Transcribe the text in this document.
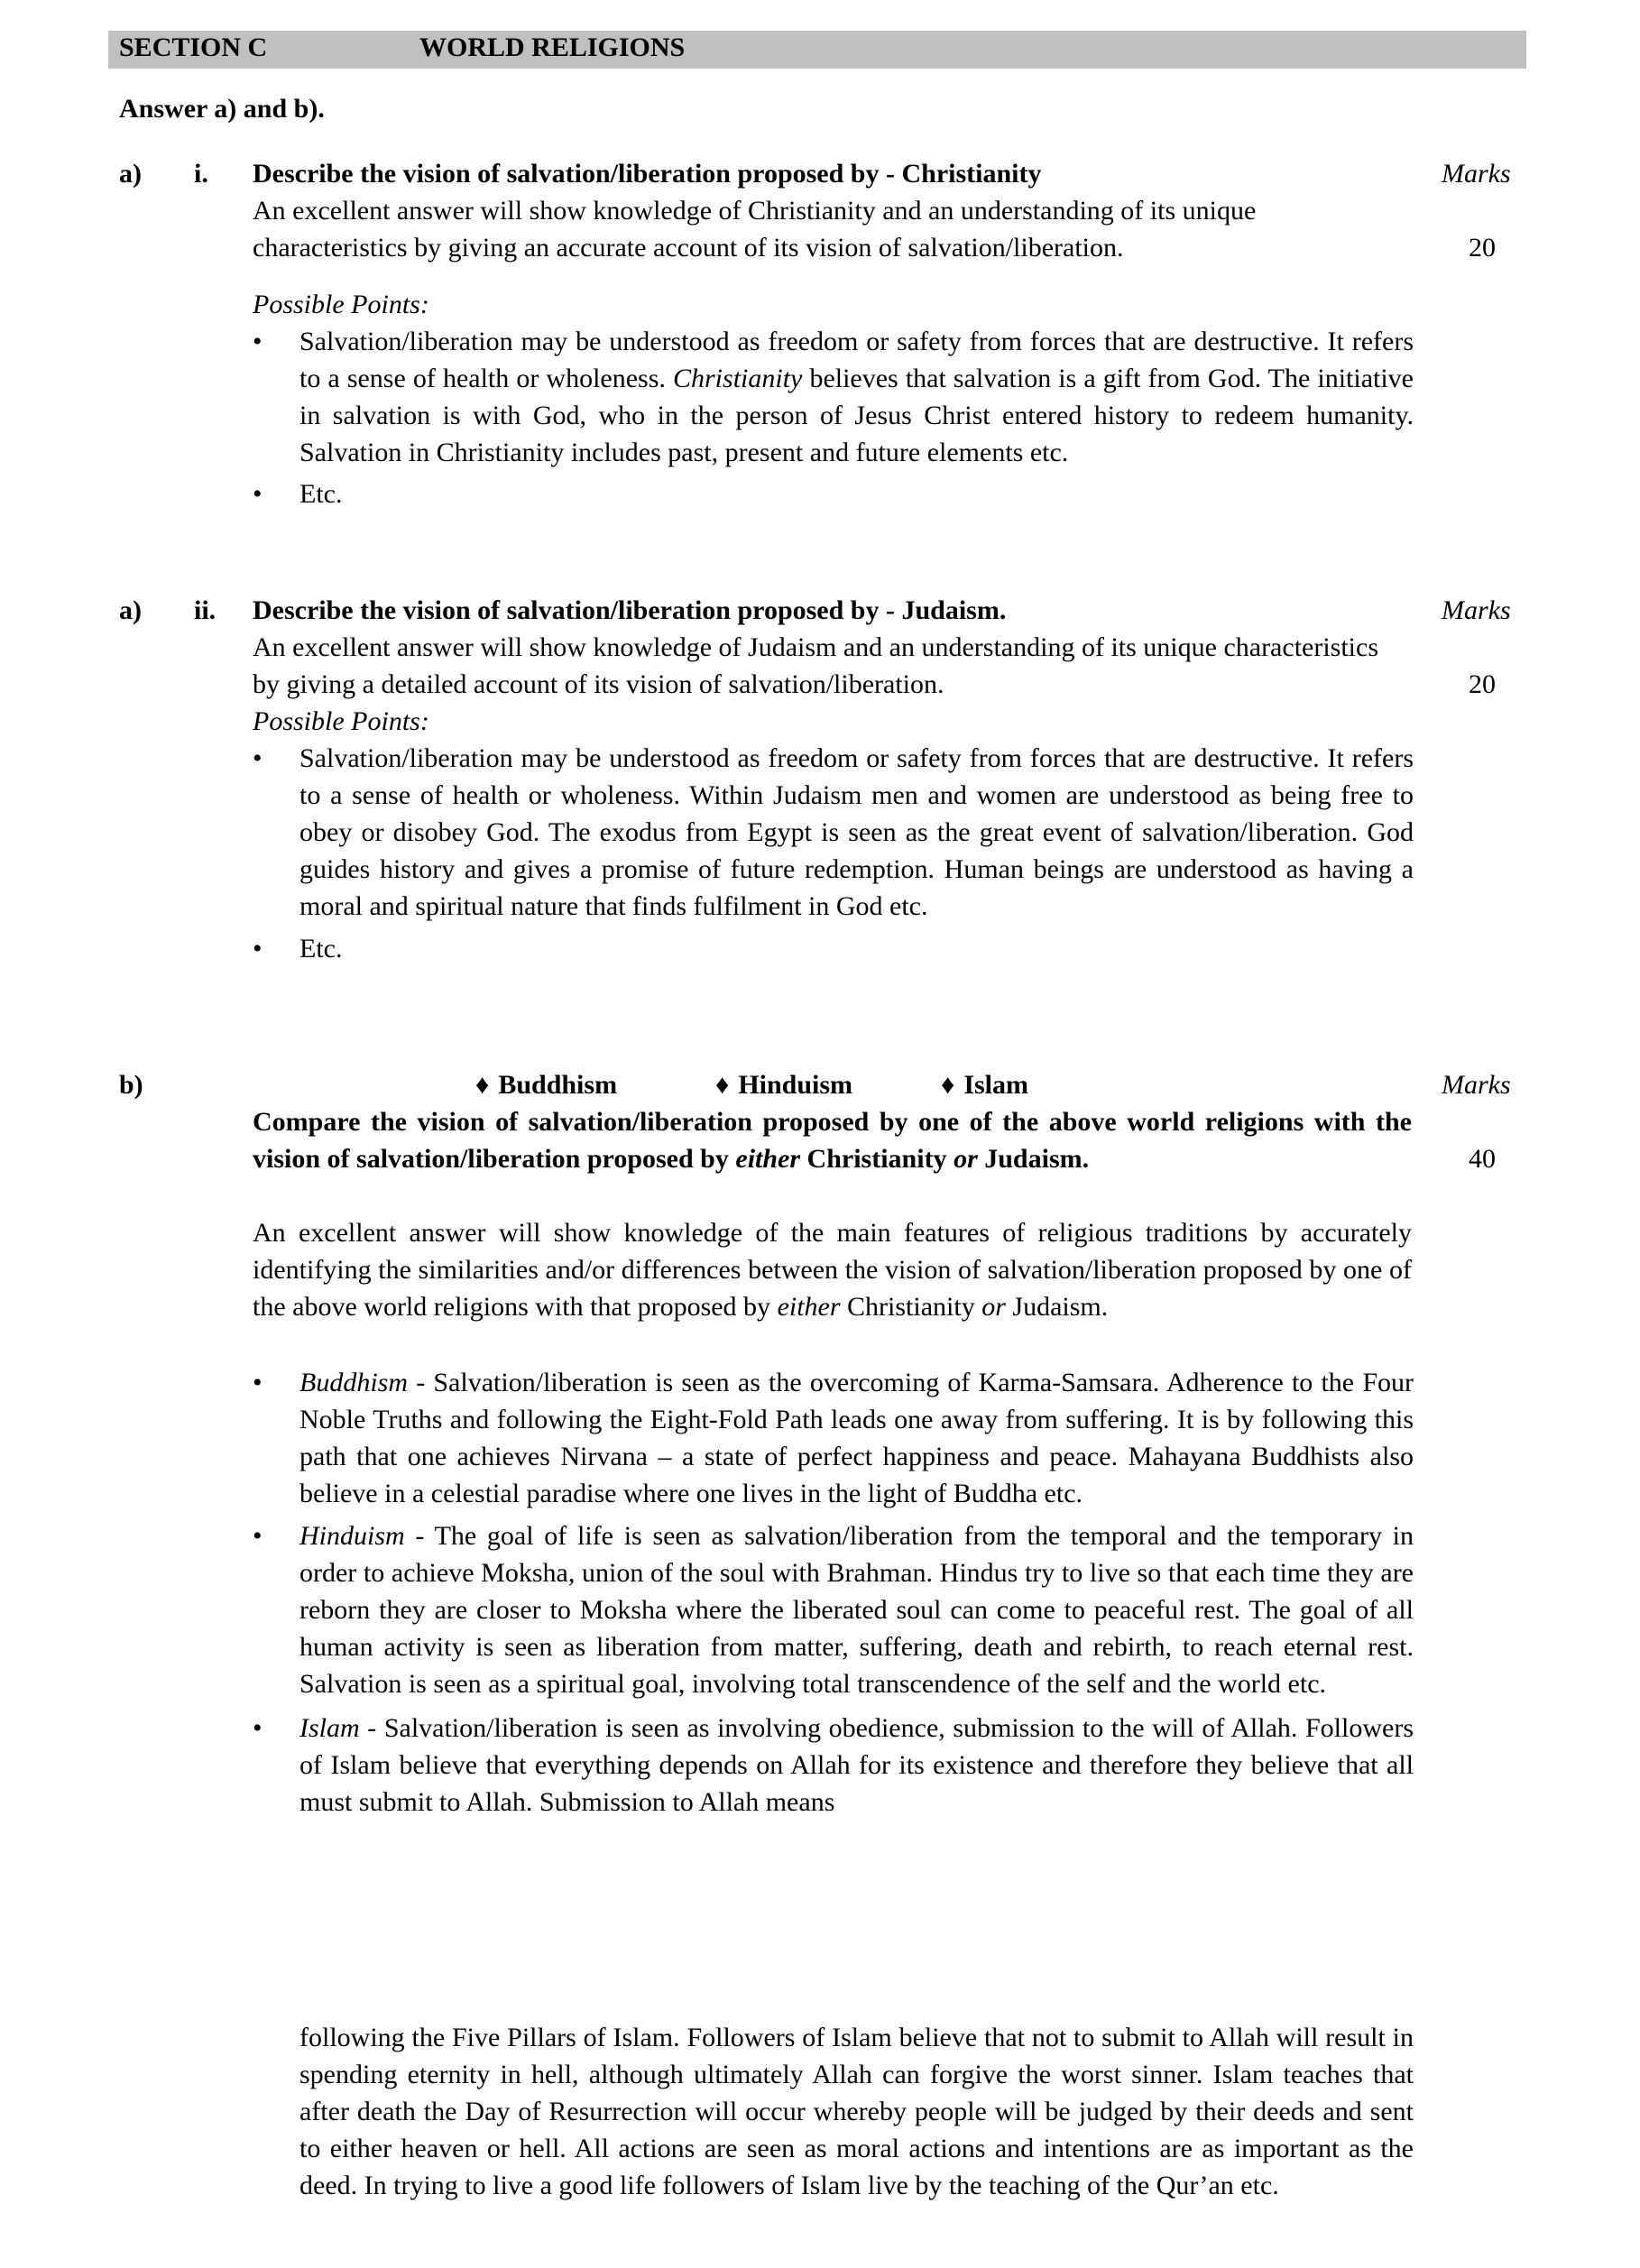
SECTION C	WORLD RELIGIONS
Answer a) and b).
a) i. Describe the vision of salvation/liberation proposed by - Christianity	Marks
An excellent answer will show knowledge of Christianity and an understanding of its unique characteristics by giving an accurate account of its vision of salvation/liberation.	20
Possible Points:
•	Salvation/liberation may be understood as freedom or safety from forces that are destructive. It refers to a sense of health or wholeness. Christianity believes that salvation is a gift from God. The initiative in salvation is with God, who in the person of Jesus Christ entered history to redeem humanity. Salvation in Christianity includes past, present and future elements etc.
•	Etc.
a) ii. Describe the vision of salvation/liberation proposed by - Judaism.	Marks
An excellent answer will show knowledge of Judaism and an understanding of its unique characteristics by giving a detailed account of its vision of salvation/liberation.	20
Possible Points:
•	Salvation/liberation may be understood as freedom or safety from forces that are destructive. It refers to a sense of health or wholeness. Within Judaism men and women are understood as being free to obey or disobey God. The exodus from Egypt is seen as the great event of salvation/liberation. God guides history and gives a promise of future redemption. Human beings are understood as having a moral and spiritual nature that finds fulfilment in God etc.
•	Etc.
b)	♦ Buddhism	♦ Hinduism	♦ Islam	Marks
40
Compare the vision of salvation/liberation proposed by one of the above world religions with the vision of salvation/liberation proposed by either Christianity or Judaism.
An excellent answer will show knowledge of the main features of religious traditions by accurately identifying the similarities and/or differences between the vision of salvation/liberation proposed by one of the above world religions with that proposed by either Christianity or Judaism.
•	Buddhism - Salvation/liberation is seen as the overcoming of Karma-Samsara. Adherence to the Four Noble Truths and following the Eight-Fold Path leads one away from suffering. It is by following this path that one achieves Nirvana – a state of perfect happiness and peace. Mahayana Buddhists also believe in a celestial paradise where one lives in the light of Buddha etc.
•	Hinduism - The goal of life is seen as salvation/liberation from the temporal and the temporary in order to achieve Moksha, union of the soul with Brahman. Hindus try to live so that each time they are reborn they are closer to Moksha where the liberated soul can come to peaceful rest. The goal of all human activity is seen as liberation from matter, suffering, death and rebirth, to reach eternal rest. Salvation is seen as a spiritual goal, involving total transcendence of the self and the world etc.
•	Islam - Salvation/liberation is seen as involving obedience, submission to the will of Allah. Followers of Islam believe that everything depends on Allah for its existence and therefore they believe that all must submit to Allah. Submission to Allah means
following the Five Pillars of Islam. Followers of Islam believe that not to submit to Allah will result in spending eternity in hell, although ultimately Allah can forgive the worst sinner. Islam teaches that after death the Day of Resurrection will occur whereby people will be judged by their deeds and sent to either heaven or hell. All actions are seen as moral actions and intentions are as important as the deed. In trying to live a good life followers of Islam live by the teaching of the Qur’an etc.
